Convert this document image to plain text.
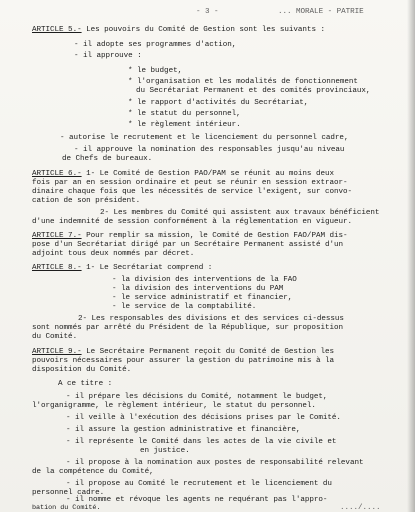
- 3 -	... MORALE - PATRIE
ARTICLE 5.- Les pouvoirs du Comité de Gestion sont les suivants :
- il adopte ses programmes d'action,
- il approuve :
* le budget,
* l'organisation et les modalités de fonctionnement
du Secrétariat Permanent et des comités provinciaux,
* le rapport d'activités du Secrétariat,
* le statut du personnel,
* le règlement intérieur.
- autorise le recrutement et le licenciement du personnel cadre,
- il approuve la nomination des responsables jusqu'au niveau
de Chefs de bureaux.
ARTICLE 6.- 1- Le Comité de Gestion PAO/PAM se réunit au moins deux
fois par an en session ordinaire et peut se réunir en session extraor-
dinaire chaque fois que les nécessités de service l'exigent, sur convo-
cation de son président.
2- Les membres du Comité qui assistent aux travaux bénéficient
d'une indemnité de session conformément à la réglementation en vigueur.
ARTICLE 7.- Pour remplir sa mission, le Comité de Gestion FAO/PAM dis-
pose d'un Secrétariat dirigé par un Secrétaire Permanent assisté d'un
adjoint tous deux nommés par décret.
ARTICLE 8.- 1- Le Secrétariat comprend :
- la division des interventions de la FAO
- la division des interventions du PAM
- le service administratif et financier,
- le service de la comptabilité.
2- Les responsables des divisions et des services ci-dessus
sont nommés par arrêté du Président de la République, sur proposition
du Comité.
ARTICLE 9.- Le Secrétaire Permanent reçoit du Comité de Gestion les
pouvoirs nécessaires pour assurer la gestion du patrimoine mis à la
disposition du Comité.
A ce titre :
- il prépare les décisions du Comité, notamment le budget,
l'organigramme, le règlement intérieur, le statut du personnel.
- il veille à l'exécution des décisions prises par le Comité.
- il assure la gestion administrative et financière,
- il représente le Comité dans les actes de la vie civile et
en justice.
- il propose à la nomination aux postes de responsabilité relevant
de la compétence du Comité,
- il propose au Comité le recrutement et le licenciement du
personnel cadre.
- il nomme et révoque les agents ne requérant pas l'appro-
bation du Comité.	..../....
